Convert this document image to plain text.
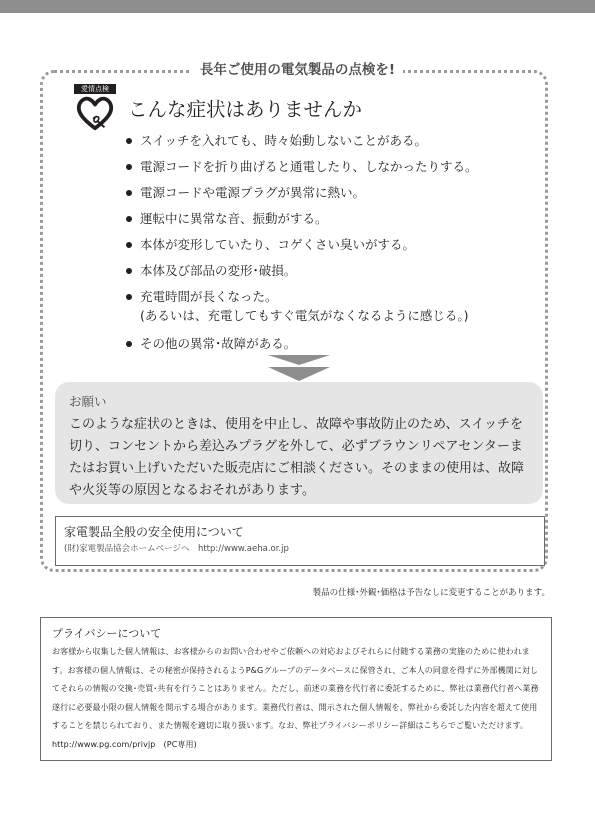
長年ご使用の電気製品の点検を!
愛情点検
こんな症状はありませんか
スイッチを入れても、時々始動しないことがある。
電源コードを折り曲げると通電したり、しなかったりする。
電源コードや電源プラグが異常に熱い。
運転中に異常な音、振動がする。
本体が変形していたり、コゲくさい臭いがする。
本体及び部品の変形･破損。
充電時間が長くなった。
(あるいは、充電してもすぐ電気がなくなるように感じる。)
その他の異常･故障がある。
お願い

このような症状のときは、使用を中止し、故障や事故防止のため、スイッチを切り、コンセントから差込みプラグを外して、必ずブラウンリペアセンターまたはお買い上げいただいた販売店にご相談ください。そのままの使用は、故障や火災等の原因となるおそれがあります。

家電製品全般の安全使用について
(財)家電製品協会ホームページへ　http://www.aeha.or.jp
製品の仕様･外観･価格は予告なしに変更することがあります。
プライバシーについて

お客様から収集した個人情報は、お客様からのお問い合わせやご依頼への対応およびそれらに付随する業務の実施のために使われます。お客様の個人情報は、その秘密が保持されるようP&Gグループのデータベースに保管され、ご本人の同意を得ずに外部機関に対してそれらの情報の交換･売買･共有を行うことはありません。ただし、前述の業務を代行者に委託するために、弊社は業務代行者へ業務遂行に必要最小限の個人情報を開示する場合があります。業務代行者は、開示された個人情報を、弊社から委託した内容を超えて使用することを禁じられており、また情報を適切に取り扱います。なお、弊社プライバシーポリシー詳細はこちらでご覧いただけます。http://www.pg.com/privjp　(PC専用)
